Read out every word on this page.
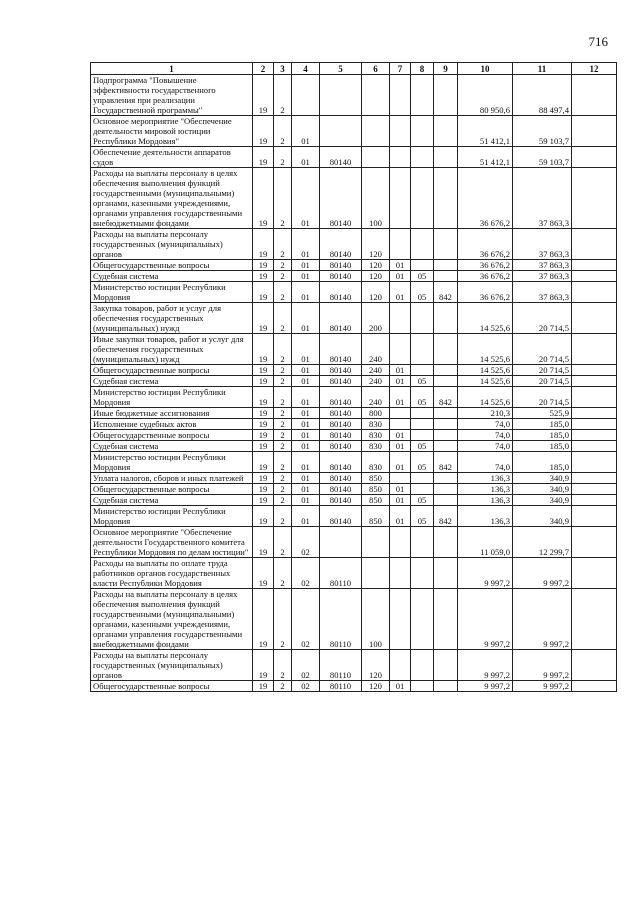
716
1	2	3	4	5	6	7	8	9	10	11	12
Подпрограмма "Повышение эффективности государственного управления при реализации Государственной программы"	19	2							80 950,6	88 497,4	
Основное мероприятие "Обеспечение деятельности мировой юстиции Республики Мордовия"	19	2	01						51 412,1	59 103,7	
Обеспечение деятельности аппаратов судов	19	2	01	80140					51 412,1	59 103,7	
Расходы на выплаты персоналу в целях обеспечения выполнения функций государственными (муниципальными) органами, казенными учреждениями, органами управления государственными внебюджетными фондами	19	2	01	80140	100				36 676,2	37 863,3	
Расходы на выплаты персоналу государственных (муниципальных) органов	19	2	01	80140	120				36 676,2	37 863,3	
Общегосударственные вопросы	19	2	01	80140	120	01			36 676,2	37 863,3	
Судебная система	19	2	01	80140	120	01	05		36 676,2	37 863,3	
Министерство юстиции Республики Мордовия	19	2	01	80140	120	01	05	842	36 676,2	37 863,3	
Закупка товаров, работ и услуг для обеспечения государственных (муниципальных) нужд	19	2	01	80140	200				14 525,6	20 714,5	
Иные закупки товаров, работ и услуг для обеспечения государственных (муниципальных) нужд	19	2	01	80140	240				14 525,6	20 714,5	
Общегосударственные вопросы	19	2	01	80140	240	01			14 525,6	20 714,5	
Судебная система	19	2	01	80140	240	01	05		14 525,6	20 714,5	
Министерство юстиции Республики Мордовия	19	2	01	80140	240	01	05	842	14 525,6	20 714,5	
Иные бюджетные ассигнования	19	2	01	80140	800				210,3	525,9	
Исполнение судебных актов	19	2	01	80140	830				74,0	185,0	
Общегосударственные вопросы	19	2	01	80140	830	01			74,0	185,0	
Судебная система	19	2	01	80140	830	01	05		74,0	185,0	
Министерство юстиции Республики Мордовия	19	2	01	80140	830	01	05	842	74,0	185,0	
Уплата налогов, сборов и иных платежей	19	2	01	80140	850				136,3	340,9	
Общегосударственные вопросы	19	2	01	80140	850	01			136,3	340,9	
Судебная система	19	2	01	80140	850	01	05		136,3	340,9	
Министерство юстиции Республики Мордовия	19	2	01	80140	850	01	05	842	136,3	340,9	
Основное мероприятие "Обеспечение деятельности Государственного комитета Республики Мордовия по делам юстиции"	19	2	02						11 059,0	12 299,7	
Расходы на выплаты по оплате труда работников органов государственных власти Республики Мордовия	19	2	02	80110					9 997,2	9 997,2	
Расходы на выплаты персоналу в целях обеспечения выполнения функций государственными (муниципальными) органами, казенными учреждениями, органами управления государственными внебюджетными фондами	19	2	02	80110	100				9 997,2	9 997,2	
Расходы на выплаты персоналу государственных (муниципальных) органов	19	2	02	80110	120				9 997,2	9 997,2	
Общегосударственные вопросы	19	2	02	80110	120	01			9 997,2	9 997,2	
